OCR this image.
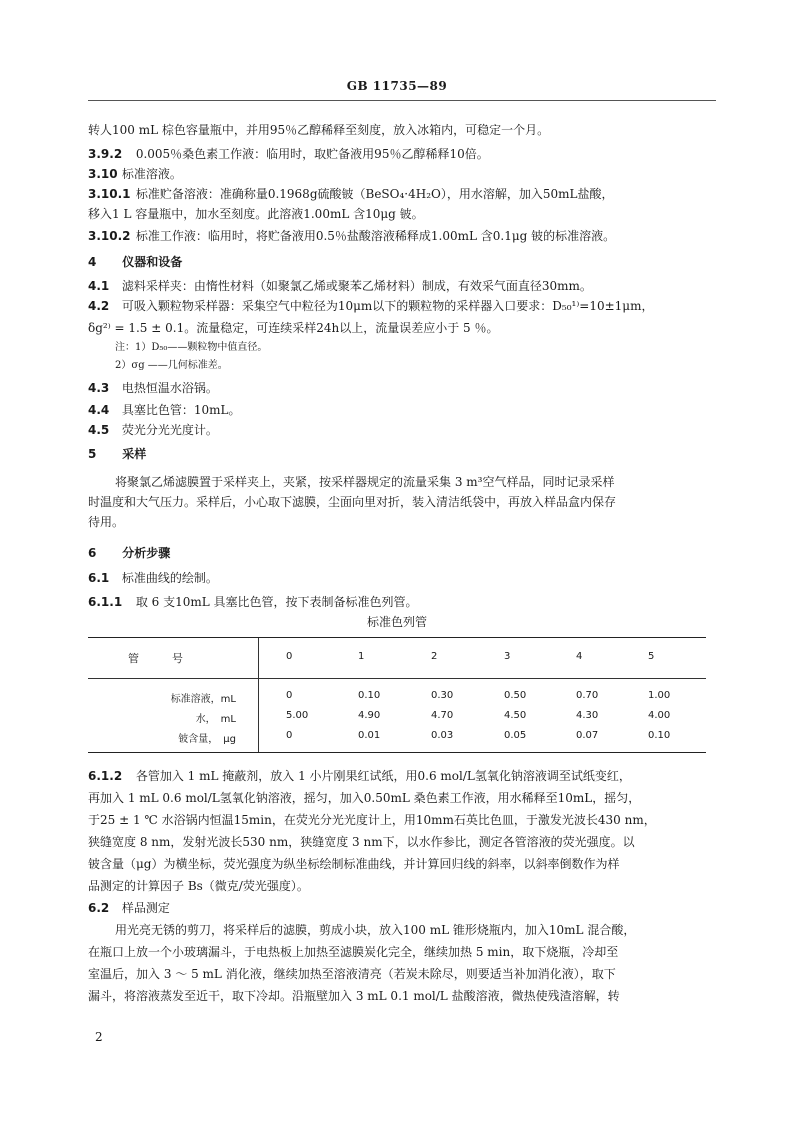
GB 11735—89
转人100 mL 棕色容量瓶中，并用95％乙醇稀释至刻度，放入冰箱内，可稳定一个月。
3.9.2 0.005％桑色素工作液：临用时，取贮备液用95％乙醇稀释10倍。
3.10 标准溶液。
3.10.1 标准贮备溶液：准确称量0.1968g硫酸铍（BeSO₄·4H₂O），用水溶解，加入50mL盐酸，
移入1 L 容量瓶中，加水至刻度。此溶液1.00mL 含10μg 铍。
3.10.2 标准工作液：临用时，将贮备液用0.5％盐酸溶液稀释成1.00mL 含0.1μg 铍的标准溶液。
4 仪器和设备
4.1 滤料采样夹：由惰性材料（如聚氯乙烯或聚苯乙烯材料）制成，有效采气面直径30mm。
4.2 可吸入颗粒物采样器：采集空气中粒径为10μm以下的颗粒物的采样器入口要求：D₅₀¹⁾=10±1μm，
δg²⁾ = 1.5 ± 0.1。流量稳定，可连续采样24h以上，流量误差应小于 5 ％。
注：1）D₅₀——颗粒物中值直径。
2）σg ——几何标准差。
4.3 电热恒温水浴锅。
4.4 具塞比色管：10mL。
4.5 荧光分光光度计。
5 采样
将聚氯乙烯滤膜置于采样夹上，夹紧，按采样器规定的流量采集 3 m³空气样品，同时记录采样
时温度和大气压力。采样后，小心取下滤膜，尘面向里对折，装入清洁纸袋中，再放入样品盒内保存
待用。
6 分析步骤
6.1 标准曲线的绘制。
6.1.1 取 6 支10mL 具塞比色管，按下表制备标准色列管。
6.1.2 各管加入 1 mL 掩蔽剂，放入 1 小片刚果红试纸，用0.6 mol/L氢氧化钠溶液调至试纸变红，
再加入 1 mL 0.6 mol/L氢氧化钠溶液，摇匀，加入0.50mL 桑色素工作液，用水稀释至10mL，摇匀，
于25 ± 1 ℃ 水浴锅内恒温15min，在荧光分光光度计上，用10mm石英比色皿，于激发光波长430 nm，
狭缝宽度 8 nm，发射光波长530 nm，狭缝宽度 3 nm下，以水作参比，测定各管溶液的荧光强度。以
铍含量（μg）为横坐标，荧光强度为纵坐标绘制标准曲线，并计算回归线的斜率，以斜率倒数作为样
品测定的计算因子 Bs（微克/荧光强度）。
6.2 样品测定
用光亮无锈的剪刀，将采样后的滤膜，剪成小块，放入100 mL 锥形烧瓶内，加入10mL 混合酸，
在瓶口上放一个小玻璃漏斗，于电热板上加热至滤膜炭化完全，继续加热 5 min，取下烧瓶，冷却至
室温后，加入 3 ～ 5 mL 消化液，继续加热至溶液清亮（若炭未除尽，则要适当补加消化液），取下
漏斗，将溶液蒸发至近干，取下冷却。沿瓶壁加入 3 mL 0.1 mol/L 盐酸溶液，微热使残渣溶解，转
标准色列管
管　　　号	0	1	2	3	4	5
标准溶液，mL	0	0.10	0.30	0.50	0.70	1.00
水，　mL	5.00	4.90	4.70	4.50	4.30	4.00
铍含量，　μg	0	0.01	0.03	0.05	0.07	0.10
2
